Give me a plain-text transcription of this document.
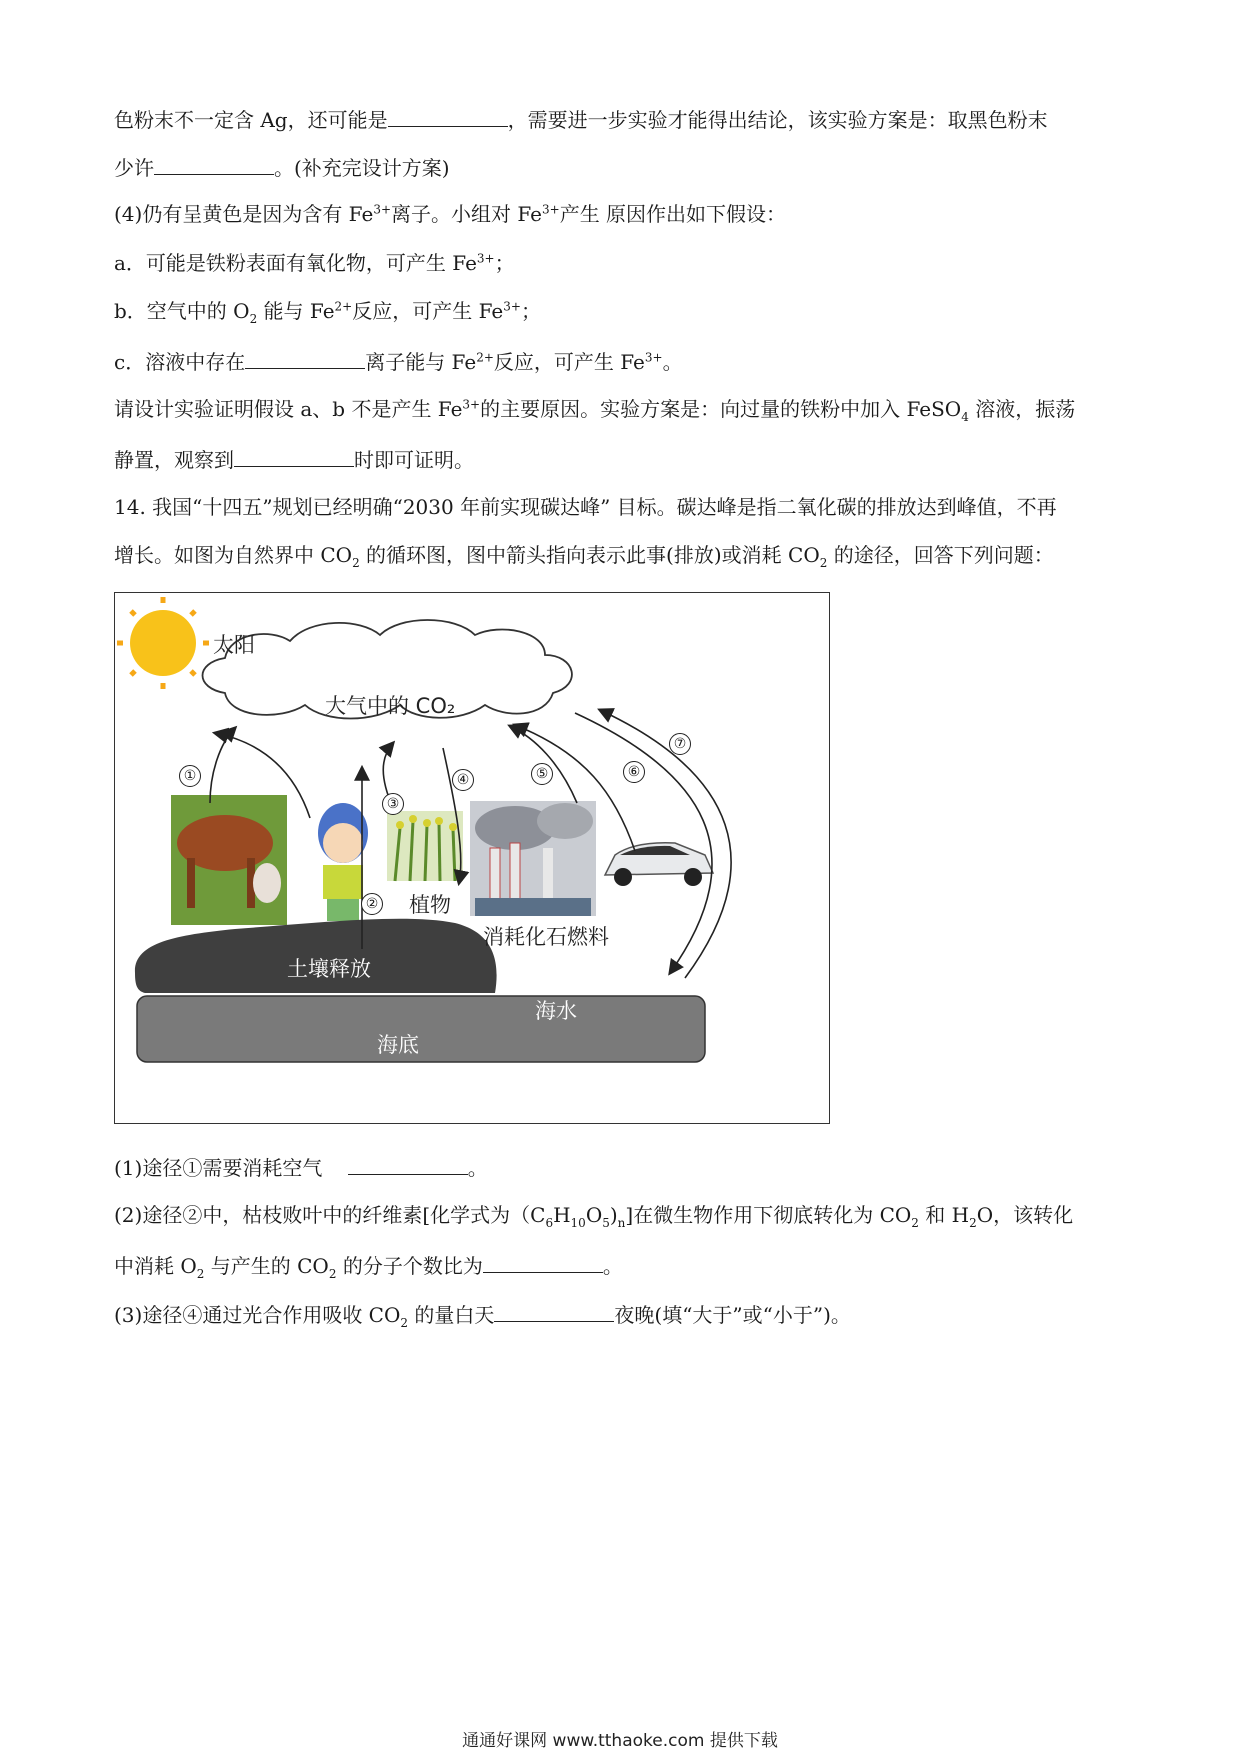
色粉末不一定含 Ag，还可能是	，需要进一步实验才能得出结论，该实验方案是：取黑色粉末
少许	。(补充完设计方案)
(4)仍有呈黄色是因为含有 $Fe^{3+}$离子。小组对 $Fe^{3+}$产生 原因作出如下假设：
a．可能是铁粉表面有氧化物，可产生 $Fe^{3+}$；
b．空气中的 $O_2$ 能与 $Fe^{2+}$反应，可产生 $Fe^{3+}$；
c．溶液中存在	离子能与 $Fe^{2+}$反应，可产生 $Fe^{3+}$。
请设计实验证明假设 a、b 不是产生 $Fe^{3+}$的主要原因。实验方案是：向过量的铁粉中加入 FeSO$_4$ 溶液，振荡
静置，观察到	时即可证明。
14. 我国“十四五”规划已经明确“2030 年前实现碳达峰” 目标。碳达峰是指二氧化碳的排放达到峰值，不再
增长。如图为自然界中 $CO_2$ 的循环图，图中箭头指向表示此事(排放)或消耗 $CO_2$ 的途径，回答下列问题：
太阳
大气中的 CO₂
植物
消耗化石燃料
土壤释放
海水
海底
①
②
③
④	⑤	⑥
⑦
(1)途径①需要消耗空气	。
(2)途径②中，枯枝败叶中的纤维素[化学式为$(C_6H_{10}O_5)_n$]在微生物作用下彻底转化为 $CO_2$ 和 $H_2O$，该转化
中消耗 $O_2$ 与产生的 $CO_2$ 的分子个数比为	。
(3)途径④通过光合作用吸收 $CO_2$ 的量白天	夜晚(填“大于”或“小于”)。
通通好课网 www.tthaoke.com 提供下载
